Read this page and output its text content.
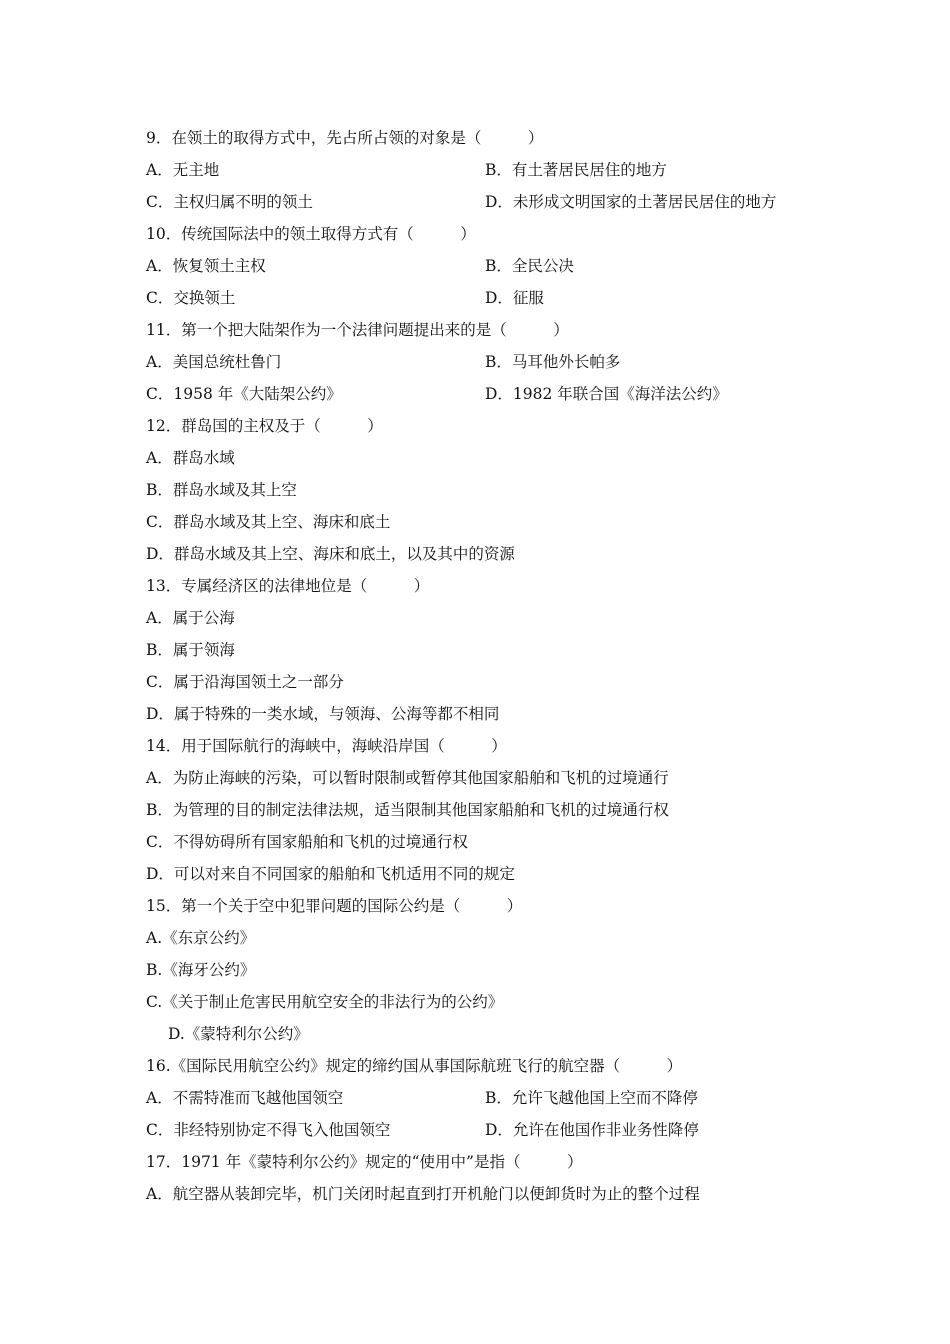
9．在领土的取得方式中，先占所占领的对象是（　　　）
A．无主地	B．有土著居民居住的地方
C．主权归属不明的领土	D．未形成文明国家的土著居民居住的地方
10．传统国际法中的领土取得方式有（　　　）
A．恢复领土主权	B．全民公决
C．交换领土	D．征服
11．第一个把大陆架作为一个法律问题提出来的是（　　　）
A．美国总统杜鲁门	B．马耳他外长帕多
C．1958 年《大陆架公约》	D．1982 年联合国《海洋法公约》
12．群岛国的主权及于（　　　）
A．群岛水域
B．群岛水域及其上空
C．群岛水域及其上空、海床和底土
D．群岛水域及其上空、海床和底土，以及其中的资源
13．专属经济区的法律地位是（　　　）
A．属于公海
B．属于领海
C．属于沿海国领土之一部分
D．属于特殊的一类水域，与领海、公海等都不相同
14．用于国际航行的海峡中，海峡沿岸国（　　　）
A．为防止海峡的污染，可以暂时限制或暂停其他国家船舶和飞机的过境通行
B．为管理的目的制定法律法规，适当限制其他国家船舶和飞机的过境通行权
C．不得妨碍所有国家船舶和飞机的过境通行权
D．可以对来自不同国家的船舶和飞机适用不同的规定
15．第一个关于空中犯罪问题的国际公约是（　　　）
A.《东京公约》
B.《海牙公约》
C.《关于制止危害民用航空安全的非法行为的公约》
D.《蒙特利尔公约》
16.《国际民用航空公约》规定的缔约国从事国际航班飞行的航空器（　　　）
A．不需特准而飞越他国领空	B．允许飞越他国上空而不降停
C．非经特别协定不得飞入他国领空	D．允许在他国作非业务性降停
17．1971 年《蒙特利尔公约》规定的“使用中”是指（　　　）
A．航空器从装卸完毕，机门关闭时起直到打开机舱门以便卸货时为止的整个过程
